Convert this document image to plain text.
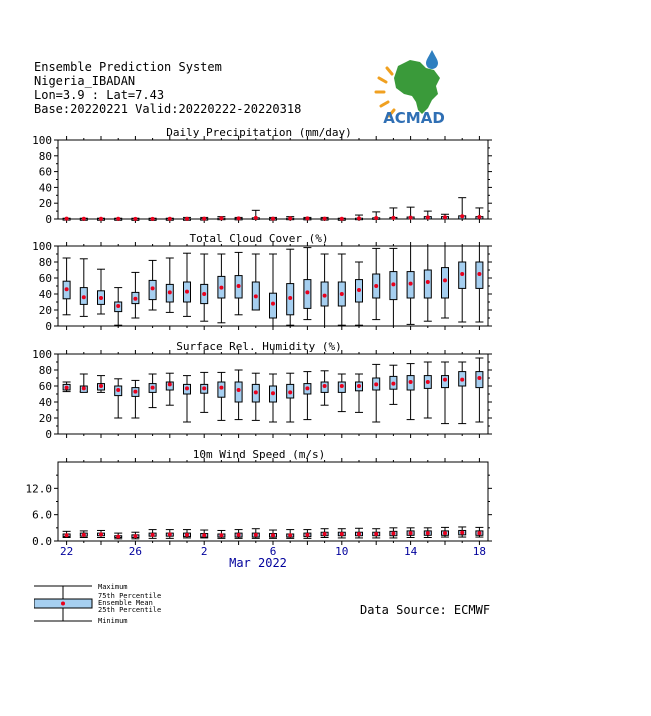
Ensemble Prediction System
Nigeria_IBADAN
Lon=3.9 : Lat=7.43
Base:20220221 Valid:20220222-20220318	ACMAD
0
20
40
60
80
100
Daily Precipitation (mm/day)
0
20
40
60
80
100
Total Cloud Cover (%)
0
20
40
60
80
100
Surface Rel. Humidity (%)
0.0
6.0
12.0
10m Wind Speed (m/s)
22	26	2	6	10	14	18
Mar 2022
Maximum
75th Percentile
Ensemble Mean
25th Percentile
Minimum
Data Source: ECMWF
